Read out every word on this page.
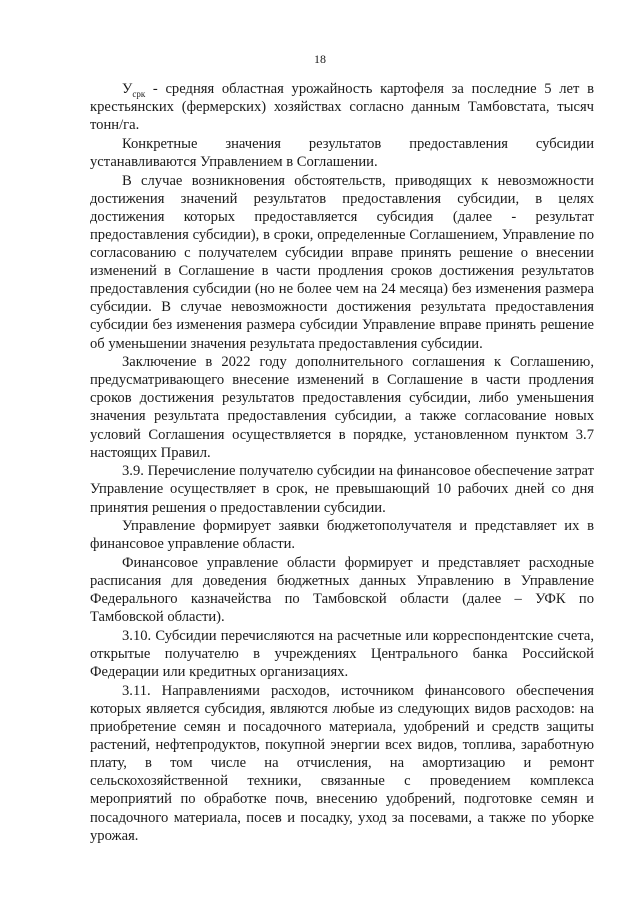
18

$У_{срк}$ - средняя областная урожайность картофеля за последние 5 лет в крестьянских (фермерских) хозяйствах согласно данным Тамбовстата, тысяч тонн/га.

Конкретные значения результатов предоставления субсидии устанавливаются Управлением в Соглашении.

В случае возникновения обстоятельств, приводящих к невозможности достижения значений результатов предоставления субсидии, в целях достижения которых предоставляется субсидия (далее - результат предоставления субсидии), в сроки, определенные Соглашением, Управление по согласованию с получателем субсидии вправе принять решение о внесении изменений в Соглашение в части продления сроков достижения результатов предоставления субсидии (но не более чем на 24 месяца) без изменения размера субсидии. В случае невозможности достижения результата предоставления субсидии без изменения размера субсидии Управление вправе принять решение об уменьшении значения результата предоставления субсидии.

Заключение в 2022 году дополнительного соглашения к Соглашению, предусматривающего внесение изменений в Соглашение в части продления сроков достижения результатов предоставления субсидии, либо уменьшения значения результата предоставления субсидии, а также согласование новых условий Соглашения осуществляется в порядке, установленном пунктом 3.7 настоящих Правил.

3.9. Перечисление получателю субсидии на финансовое обеспечение затрат Управление осуществляет в срок, не превышающий 10 рабочих дней со дня принятия решения о предоставлении субсидии.

Управление формирует заявки бюджетополучателя и представляет их в финансовое управление области.

Финансовое управление области формирует и представляет расходные расписания для доведения бюджетных данных Управлению в Управление Федерального казначейства по Тамбовской области (далее – УФК по Тамбовской области).

3.10. Субсидии перечисляются на расчетные или корреспондентские счета, открытые получателю в учреждениях Центрального банка Российской Федерации или кредитных организациях.

3.11. Направлениями расходов, источником финансового обеспечения которых является субсидия, являются любые из следующих видов расходов: на приобретение семян и посадочного материала, удобрений и средств защиты растений, нефтепродуктов, покупной энергии всех видов, топлива, заработную плату, в том числе на отчисления, на амортизацию и ремонт сельскохозяйственной техники, связанные с проведением комплекса мероприятий по обработке почв, внесению удобрений, подготовке семян и посадочного материала, посев и посадку, уход за посевами, а также по уборке урожая.
